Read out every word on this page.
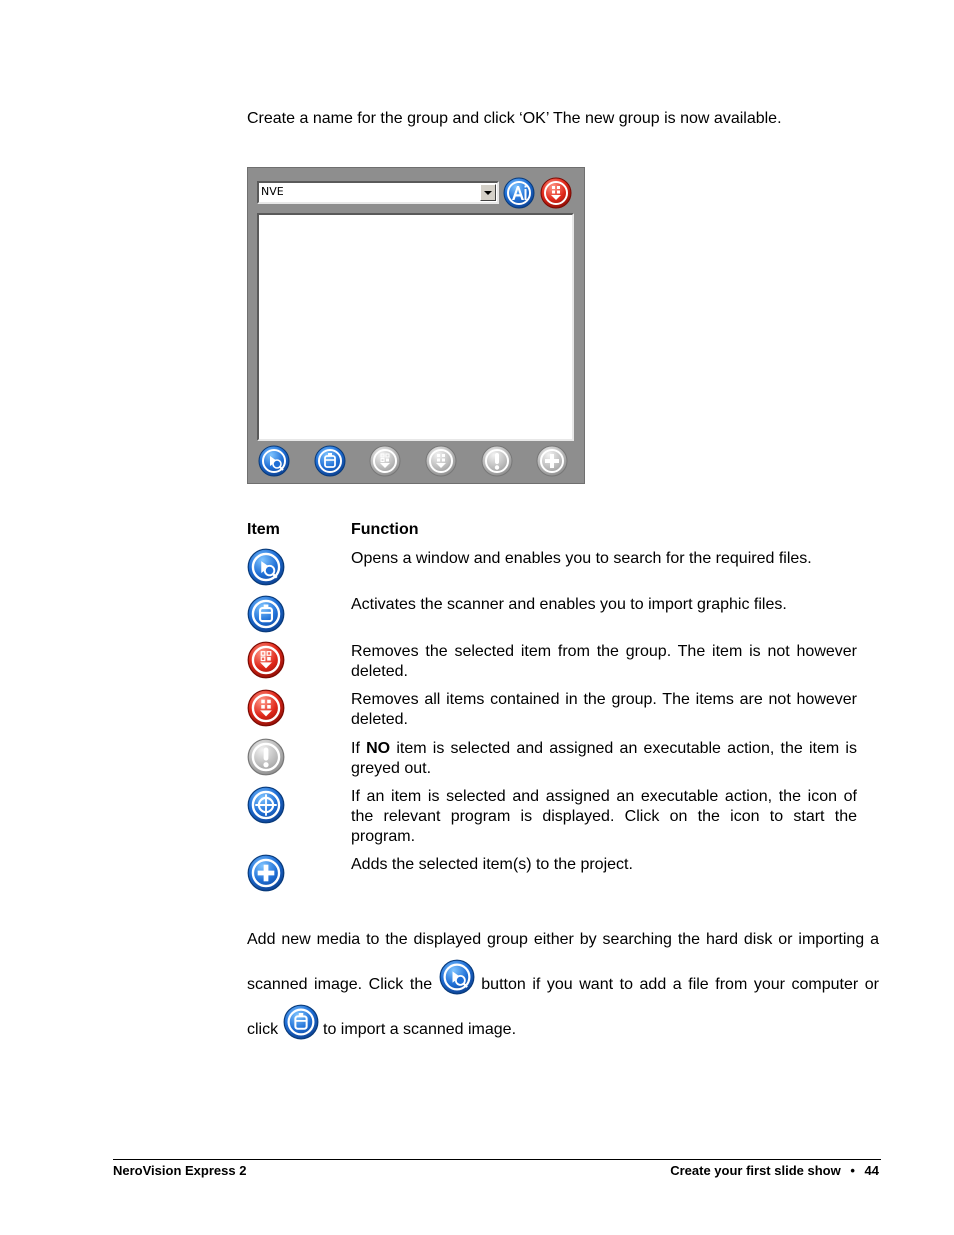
Create a name for the group and click ‘OK’ The new group is now available.
NVE
Item	Function
Opens a window and enables you to search for the required files.
Activates the scanner and enables you to import graphic files.
Removes the selected item from the group. The item is not however deleted.
Removes all items contained in the group. The items are not however deleted.
If NO item is selected and assigned an executable action, the item is greyed out.
If an item is selected and assigned an executable action, the icon of the relevant program is displayed. Click on the icon to start the program.
Adds the selected item(s) to the project.
Add new media to the displayed group either by searching the hard disk or importing a scanned image. Click the	button if you want to add a file from your computer or click	to import a scanned image.
NeroVision Express 2	Create your first slide show • 44
